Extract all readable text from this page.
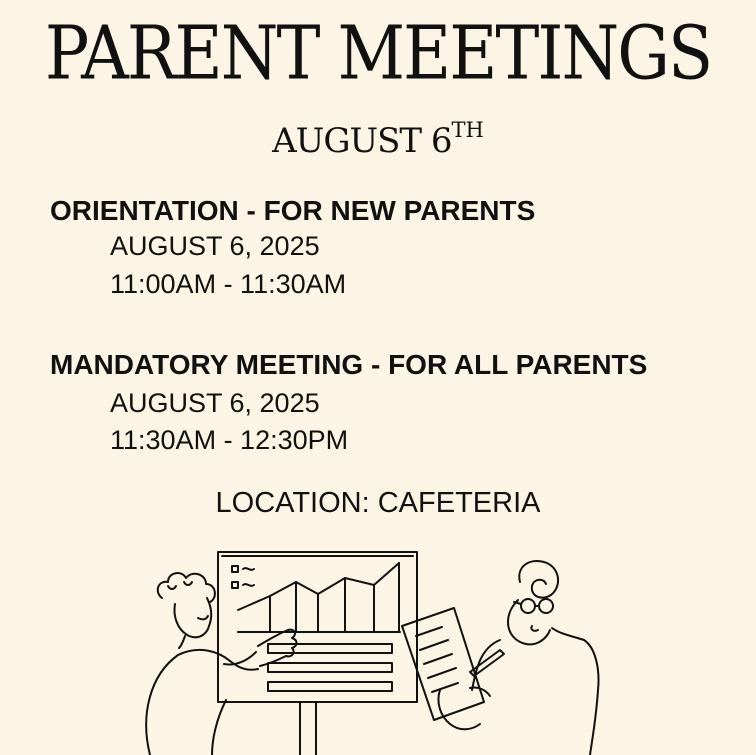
PARENT MEETINGS
AUGUST 6TH
ORIENTATION - FOR NEW PARENTS
AUGUST 6, 2025
11:00AM - 11:30AM
MANDATORY MEETING - FOR ALL PARENTS
AUGUST 6, 2025
11:30AM - 12:30PM
LOCATION: CAFETERIA
